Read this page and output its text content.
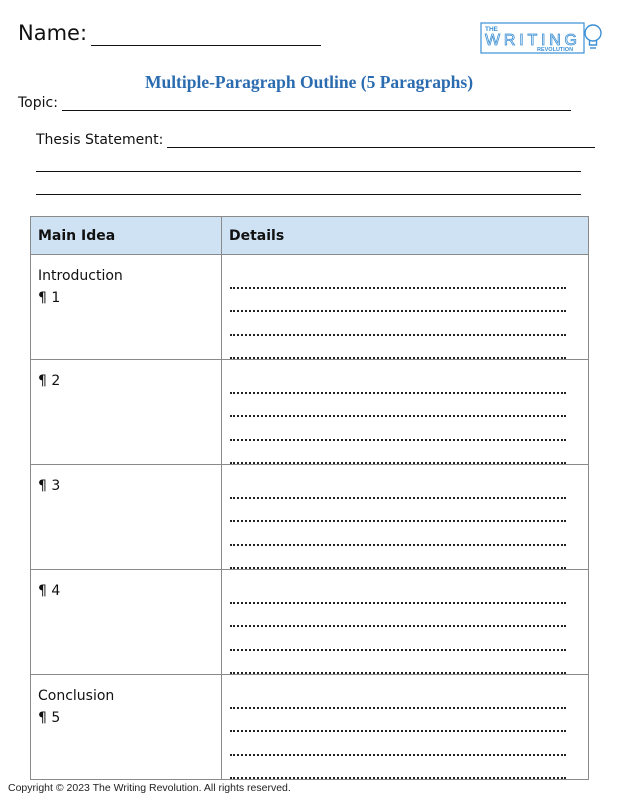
Name:	THE
WRITING
REVOLUTION
Multiple-Paragraph Outline (5 Paragraphs)
Topic:
Thesis Statement:
Main Idea	Details

Introduction
¶ 1	

¶ 2	

¶ 3	

¶ 4	

Conclusion
¶ 5	

Copyright © 2023 The Writing Revolution. All rights reserved.
